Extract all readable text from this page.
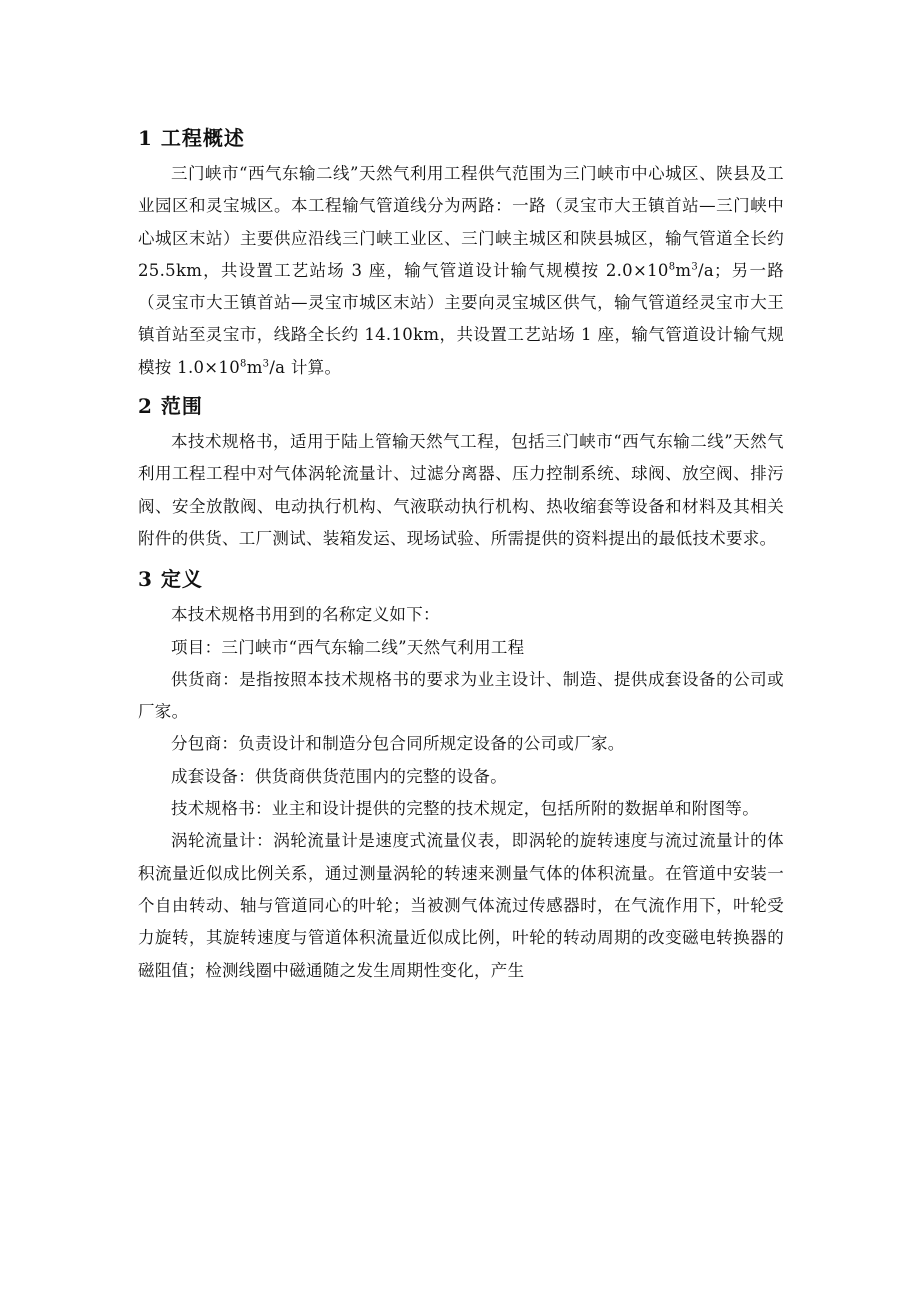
1 工程概述

三门峡市“西气东输二线”天然气利用工程供气范围为三门峡市中心城区、陕县及工业园区和灵宝城区。本工程输气管道线分为两路：一路（灵宝市大王镇首站—三门峡中心城区末站）主要供应沿线三门峡工业区、三门峡主城区和陕县城区，输气管道全长约 25.5km，共设置工艺站场 3 座，输气管道设计输气规模按 $2.0\times 10^8m^3/a$；另一路（灵宝市大王镇首站—灵宝市城区末站）主要向灵宝城区供气，输气管道经灵宝市大王镇首站至灵宝市，线路全长约 14.10km，共设置工艺站场 1 座，输气管道设计输气规模按 $1.0\times 10^8m^3/a$ 计算。

2 范围

本技术规格书，适用于陆上管输天然气工程，包括三门峡市“西气东输二线”天然气利用工程工程中对气体涡轮流量计、过滤分离器、压力控制系统、球阀、放空阀、排污阀、安全放散阀、电动执行机构、气液联动执行机构、热收缩套等设备和材料及其相关附件的供货、工厂测试、装箱发运、现场试验、所需提供的资料提出的最低技术要求。

3 定义

本技术规格书用到的名称定义如下：

项目：三门峡市“西气东输二线”天然气利用工程

供货商：是指按照本技术规格书的要求为业主设计、制造、提供成套设备的公司或厂家。

分包商：负责设计和制造分包合同所规定设备的公司或厂家。

成套设备：供货商供货范围内的完整的设备。

技术规格书：业主和设计提供的完整的技术规定，包括所附的数据单和附图等。

涡轮流量计：涡轮流量计是速度式流量仪表，即涡轮的旋转速度与流过流量计的体积流量近似成比例关系，通过测量涡轮的转速来测量气体的体积流量。在管道中安装一个自由转动、轴与管道同心的叶轮；当被测气体流过传感器时，在气流作用下，叶轮受力旋转，其旋转速度与管道体积流量近似成比例，叶轮的转动周期的改变磁电转换器的磁阻值；检测线圈中磁通随之发生周期性变化，产生
